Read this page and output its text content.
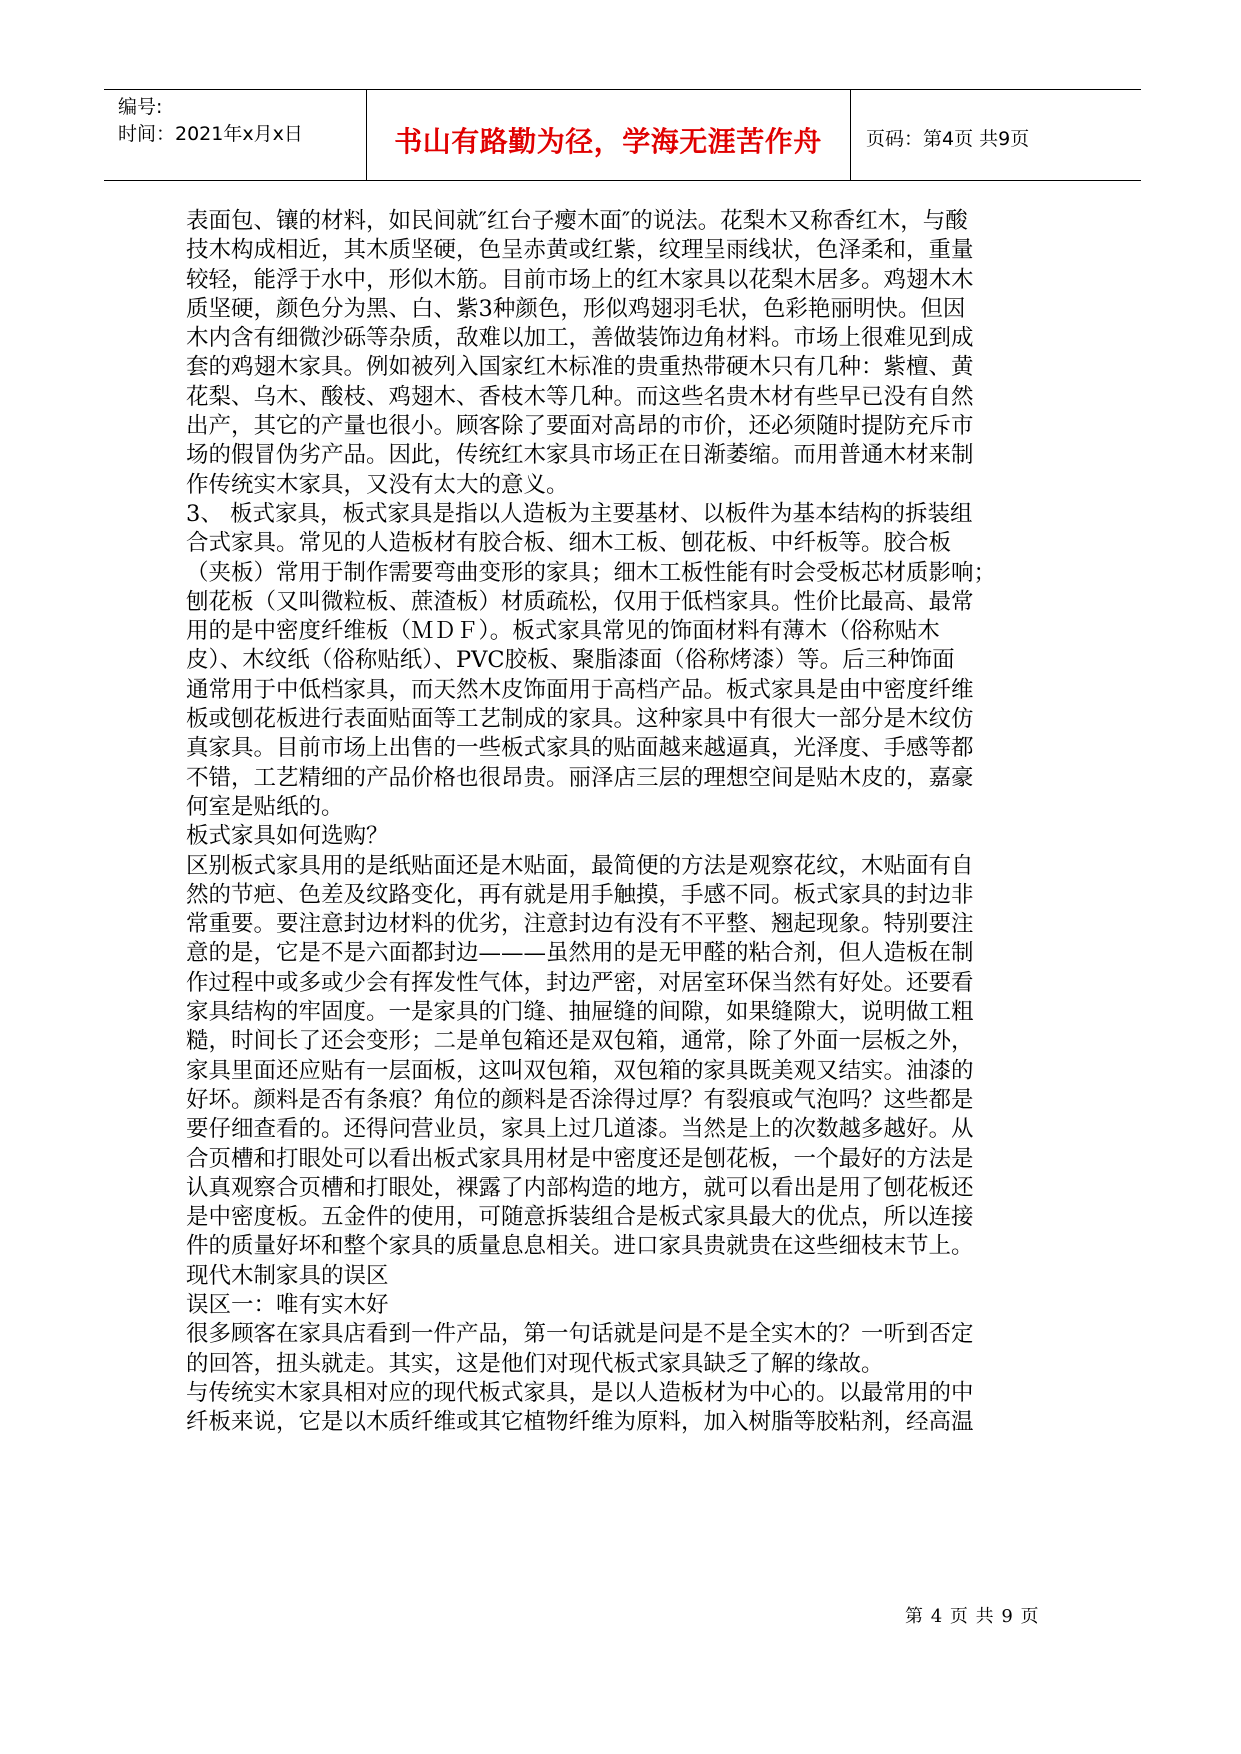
编号:
时间：2021年x月x日	书山有路勤为径，学海无涯苦作舟	页码：第4页 共9页
表面包、镶的材料，如民间就″红台子瘿木面″的说法。花梨木又称香红木，与酸
技木构成相近，其木质坚硬，色呈赤黄或红紫，纹理呈雨线状，色泽柔和，重量
较轻，能浮于水中，形似木筋。目前市场上的红木家具以花梨木居多。鸡翅木木
质坚硬，颜色分为黑、白、紫3种颜色，形似鸡翅羽毛状，色彩艳丽明快。但因
木内含有细微沙砾等杂质，敌难以加工，善做装饰边角材料。市场上很难见到成
套的鸡翅木家具。例如被列入国家红木标准的贵重热带硬木只有几种：紫檀、黄
花梨、乌木、酸枝、鸡翅木、香枝木等几种。而这些名贵木材有些早已没有自然
出产，其它的产量也很小。顾客除了要面对高昂的市价，还必须随时提防充斥市
场的假冒伪劣产品。因此，传统红木家具市场正在日渐萎缩。而用普通木材来制
作传统实木家具，又没有太大的意义。
3、 板式家具，板式家具是指以人造板为主要基材、以板件为基本结构的拆装组
合式家具。常见的人造板材有胶合板、细木工板、刨花板、中纤板等。胶合板
（夹板）常用于制作需要弯曲变形的家具；细木工板性能有时会受板芯材质影响；
刨花板（又叫微粒板、蔗渣板）材质疏松，仅用于低档家具。性价比最高、最常
用的是中密度纤维板（ＭＤＦ）。板式家具常见的饰面材料有薄木（俗称贴木
皮）、木纹纸（俗称贴纸）、PVC胶板、聚脂漆面（俗称烤漆）等。后三种饰面
通常用于中低档家具，而天然木皮饰面用于高档产品。板式家具是由中密度纤维
板或刨花板进行表面贴面等工艺制成的家具。这种家具中有很大一部分是木纹仿
真家具。目前市场上出售的一些板式家具的贴面越来越逼真，光泽度、手感等都
不错，工艺精细的产品价格也很昂贵。丽泽店三层的理想空间是贴木皮的，嘉豪
何室是贴纸的。
板式家具如何选购？
区别板式家具用的是纸贴面还是木贴面，最简便的方法是观察花纹，木贴面有自
然的节疤、色差及纹路变化，再有就是用手触摸，手感不同。板式家具的封边非
常重要。要注意封边材料的优劣，注意封边有没有不平整、翘起现象。特别要注
意的是，它是不是六面都封边———虽然用的是无甲醛的粘合剂，但人造板在制
作过程中或多或少会有挥发性气体，封边严密，对居室环保当然有好处。还要看
家具结构的牢固度。一是家具的门缝、抽屉缝的间隙，如果缝隙大，说明做工粗
糙，时间长了还会变形；二是单包箱还是双包箱，通常，除了外面一层板之外，
家具里面还应贴有一层面板，这叫双包箱，双包箱的家具既美观又结实。油漆的
好坏。颜料是否有条痕？角位的颜料是否涂得过厚？有裂痕或气泡吗？这些都是
要仔细查看的。还得问营业员，家具上过几道漆。当然是上的次数越多越好。从
合页槽和打眼处可以看出板式家具用材是中密度还是刨花板，一个最好的方法是
认真观察合页槽和打眼处，裸露了内部构造的地方，就可以看出是用了刨花板还
是中密度板。五金件的使用，可随意拆装组合是板式家具最大的优点，所以连接
件的质量好坏和整个家具的质量息息相关。进口家具贵就贵在这些细枝末节上。
现代木制家具的误区
误区一：唯有实木好
很多顾客在家具店看到一件产品，第一句话就是问是不是全实木的？一听到否定
的回答，扭头就走。其实，这是他们对现代板式家具缺乏了解的缘故。
与传统实木家具相对应的现代板式家具，是以人造板材为中心的。以最常用的中
纤板来说，它是以木质纤维或其它植物纤维为原料，加入树脂等胶粘剂，经高温
第 4 页 共 9 页
